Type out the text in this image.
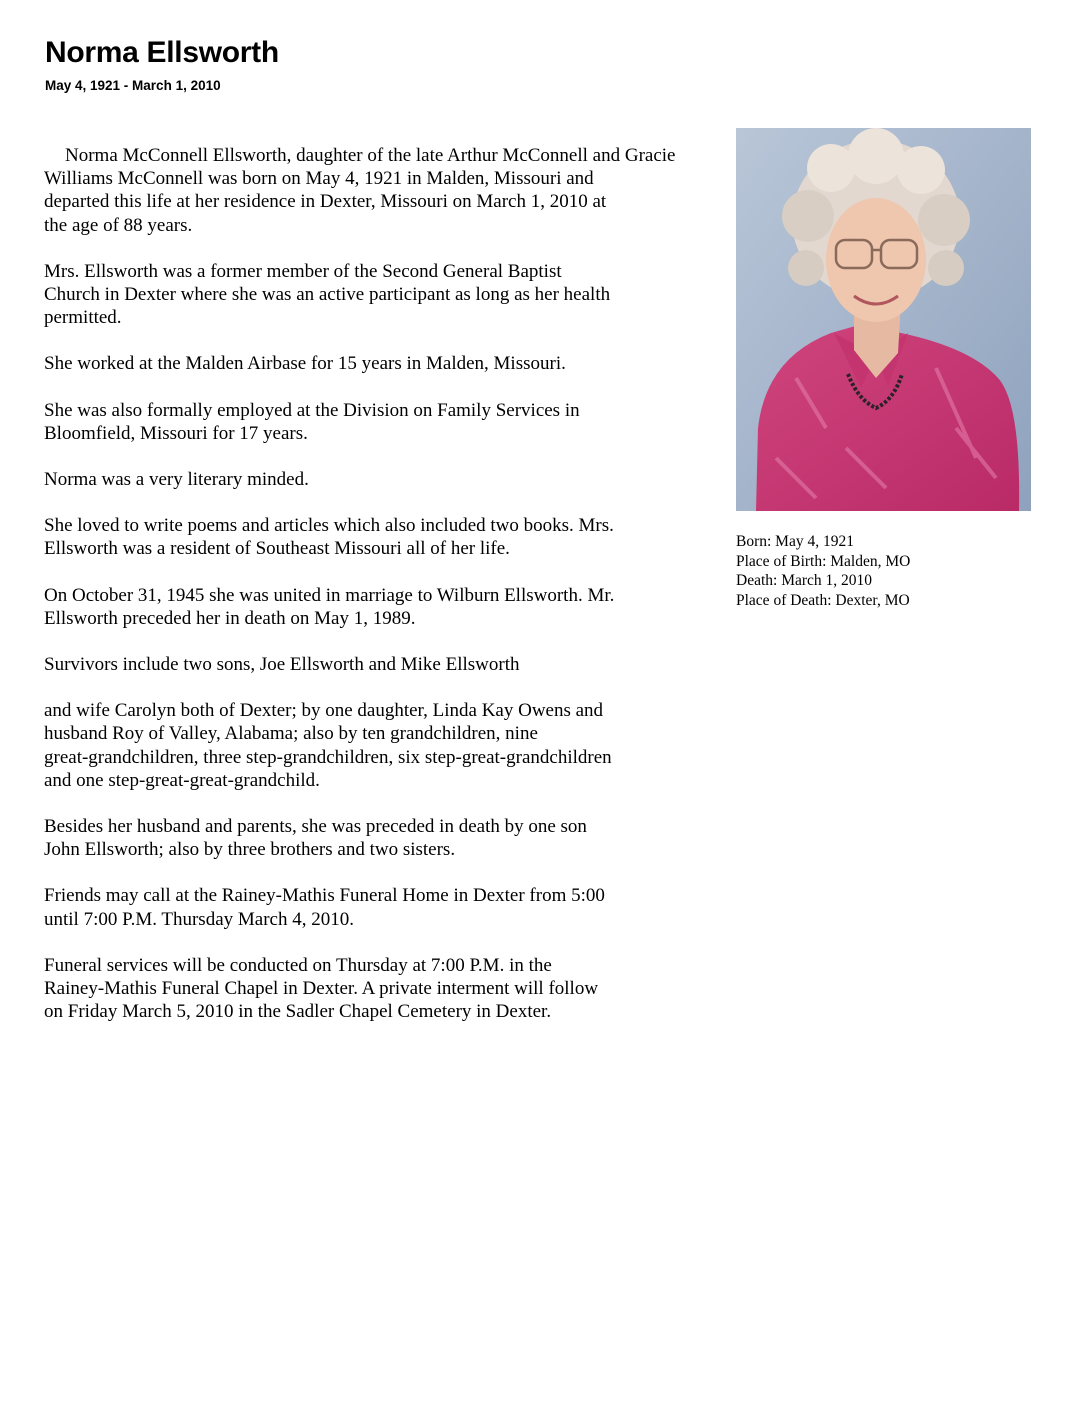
Norma Ellsworth
May 4, 1921 - March 1, 2010

Norma McConnell Ellsworth, daughter of the late Arthur McConnell and Gracie
Williams McConnell was born on May 4, 1921 in Malden, Missouri and
departed this life at her residence in Dexter, Missouri on March 1, 2010 at
the age of 88 years.

Mrs. Ellsworth was a former member of the Second General Baptist
Church in Dexter where she was an active participant as long as her health
permitted.

She worked at the Malden Airbase for 15 years in Malden, Missouri.

She was also formally employed at the Division on Family Services in
Bloomfield, Missouri for 17 years.

Norma was a very literary minded.

She loved to write poems and articles which also included two books. Mrs.
Ellsworth was a resident of Southeast Missouri all of her life.

On October 31, 1945 she was united in marriage to Wilburn Ellsworth. Mr.
Ellsworth preceded her in death on May 1, 1989.

Survivors include two sons, Joe Ellsworth and Mike Ellsworth

and wife Carolyn both of Dexter; by one daughter, Linda Kay Owens and
husband Roy of Valley, Alabama; also by ten grandchildren, nine
great-grandchildren, three step-grandchildren, six step-great-grandchildren
and one step-great-great-grandchild.

Besides her husband and parents, she was preceded in death by one son
John Ellsworth; also by three brothers and two sisters.

Friends may call at the Rainey-Mathis Funeral Home in Dexter from 5:00
until 7:00 P.M. Thursday March 4, 2010.

Funeral services will be conducted on Thursday at 7:00 P.M. in the
Rainey-Mathis Funeral Chapel in Dexter. A private interment will follow
on Friday March 5, 2010 in the Sadler Chapel Cemetery in Dexter.

Born: May 4, 1921
Place of Birth: Malden, MO
Death: March 1, 2010
Place of Death: Dexter, MO
